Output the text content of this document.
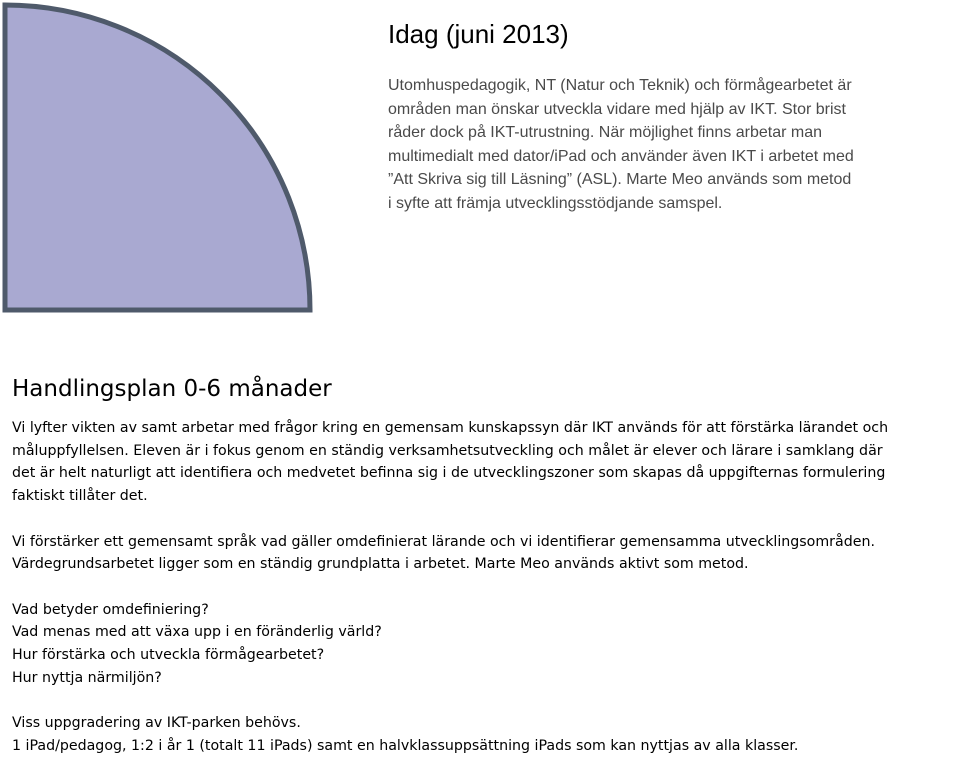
Idag (juni 2013)
Utomhuspedagogik, NT (Natur och Teknik) och förmågearbetet är
områden man önskar utveckla vidare med hjälp av IKT. Stor brist
råder dock på IKT-utrustning. När möjlighet finns arbetar man
multimedialt med dator/iPad och använder även IKT i arbetet med
”Att Skriva sig till Läsning” (ASL). Marte Meo används som metod
i syfte att främja utvecklingsstödjande samspel.
Handlingsplan 0-6 månader
Vi lyfter vikten av samt arbetar med frågor kring en gemensam kunskapssyn där IKT används för att förstärka lärandet och
måluppfyllelsen. Eleven är i fokus genom en ständig verksamhetsutveckling och målet är elever och lärare i samklang där
det är helt naturligt att identifiera och medvetet befinna sig i de utvecklingszoner som skapas då uppgifternas formulering
faktiskt tillåter det.
Vi förstärker ett gemensamt språk vad gäller omdefinierat lärande och vi identifierar gemensamma utvecklingsområden.
Värdegrundsarbetet ligger som en ständig grundplatta i arbetet. Marte Meo används aktivt som metod.
Vad betyder omdefiniering?
Vad menas med att växa upp i en föränderlig värld?
Hur förstärka och utveckla förmågearbetet?
Hur nyttja närmiljön?
Viss uppgradering av IKT-parken behövs.
1 iPad/pedagog, 1:2 i år 1 (totalt 11 iPads) samt en halvklassuppsättning iPads som kan nyttjas av alla klasser.
